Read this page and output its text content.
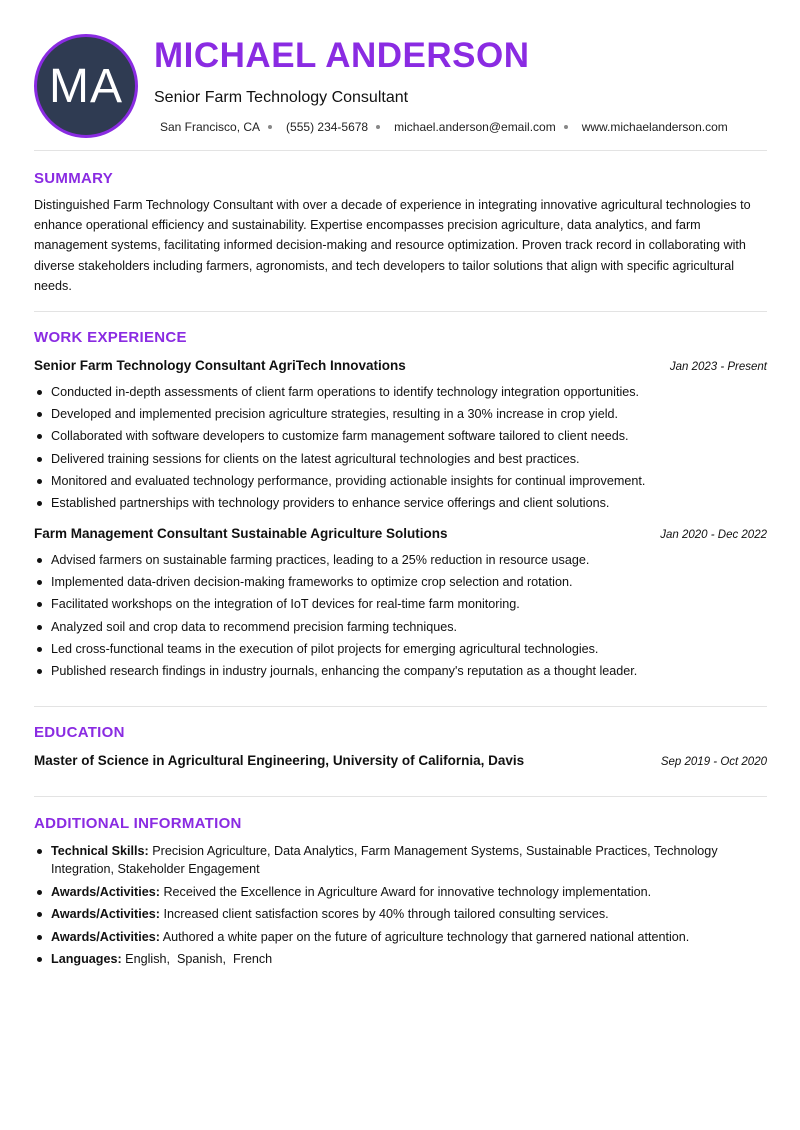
MA
MICHAEL ANDERSON
Senior Farm Technology Consultant
San Francisco, CA (555) 234-5678 michael.anderson@email.com www.michaelanderson.com
SUMMARY

Distinguished Farm Technology Consultant with over a decade of experience in integrating innovative agricultural technologies to enhance operational efficiency and sustainability. Expertise encompasses precision agriculture, data analytics, and farm management systems, facilitating informed decision-making and resource optimization. Proven track record in collaborating with diverse stakeholders including farmers, agronomists, and tech developers to tailor solutions that align with specific agricultural needs.

WORK EXPERIENCE
Senior Farm Technology Consultant AgriTech Innovations	Jan 2023 - Present
Conducted in-depth assessments of client farm operations to identify technology integration opportunities.
Developed and implemented precision agriculture strategies, resulting in a 30% increase in crop yield.
Collaborated with software developers to customize farm management software tailored to client needs.
Delivered training sessions for clients on the latest agricultural technologies and best practices.
Monitored and evaluated technology performance, providing actionable insights for continual improvement.
Established partnerships with technology providers to enhance service offerings and client solutions.
Farm Management Consultant Sustainable Agriculture Solutions	Jan 2020 - Dec 2022
Advised farmers on sustainable farming practices, leading to a 25% reduction in resource usage.
Implemented data-driven decision-making frameworks to optimize crop selection and rotation.
Facilitated workshops on the integration of IoT devices for real-time farm monitoring.
Analyzed soil and crop data to recommend precision farming techniques.
Led cross-functional teams in the execution of pilot projects for emerging agricultural technologies.
Published research findings in industry journals, enhancing the company's reputation as a thought leader.
EDUCATION
Master of Science in Agricultural Engineering, University of California, Davis	Sep 2019 - Oct 2020
ADDITIONAL INFORMATION
Technical Skills: Precision Agriculture, Data Analytics, Farm Management Systems, Sustainable Practices, Technology Integration, Stakeholder Engagement
Awards/Activities: Received the Excellence in Agriculture Award for innovative technology implementation.
Awards/Activities: Increased client satisfaction scores by 40% through tailored consulting services.
Awards/Activities: Authored a white paper on the future of agriculture technology that garnered national attention.
Languages: English,  Spanish,  French
